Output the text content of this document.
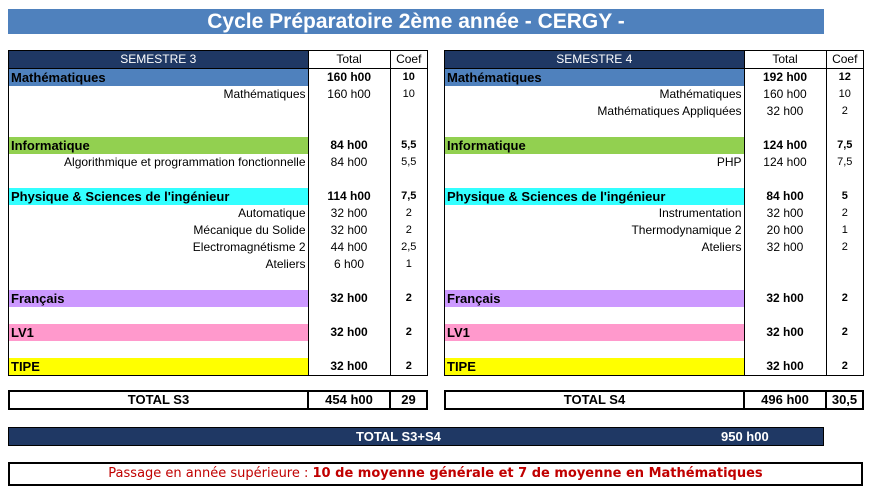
Cycle Préparatoire 2ème année - CERGY -
SEMESTRE 3	Total	Coef
Mathématiques	160 h00	10
Mathématiques	160 h00	10

Informatique	84 h00	5,5
Algorithmique et programmation fonctionnelle	84 h00	5,5

Physique & Sciences de l'ingénieur	114 h00	7,5
Automatique	32 h00	2
Mécanique du Solide	32 h00	2
Electromagnétisme 2	44 h00	2,5
Ateliers	6 h00	1

Français	32 h00	2

LV1	32 h00	2

TIPE	32 h00	2
SEMESTRE 4	Total	Coef
Mathématiques	192 h00	12
Mathématiques	160 h00	10
Mathématiques Appliquées	32 h00	2

Informatique	124 h00	7,5
PHP	124 h00	7,5

Physique & Sciences de l'ingénieur	84 h00	5
Instrumentation	32 h00	2
Thermodynamique 2	20 h00	1
Ateliers	32 h00	2

Français	32 h00	2

LV1	32 h00	2

TIPE	32 h00	2
TOTAL S3	454 h00	29	TOTAL S4	496 h00	30,5
TOTAL S3+S4	950 h00
Passage en année supérieure : 10 de moyenne générale et 7 de moyenne en Mathématiques
